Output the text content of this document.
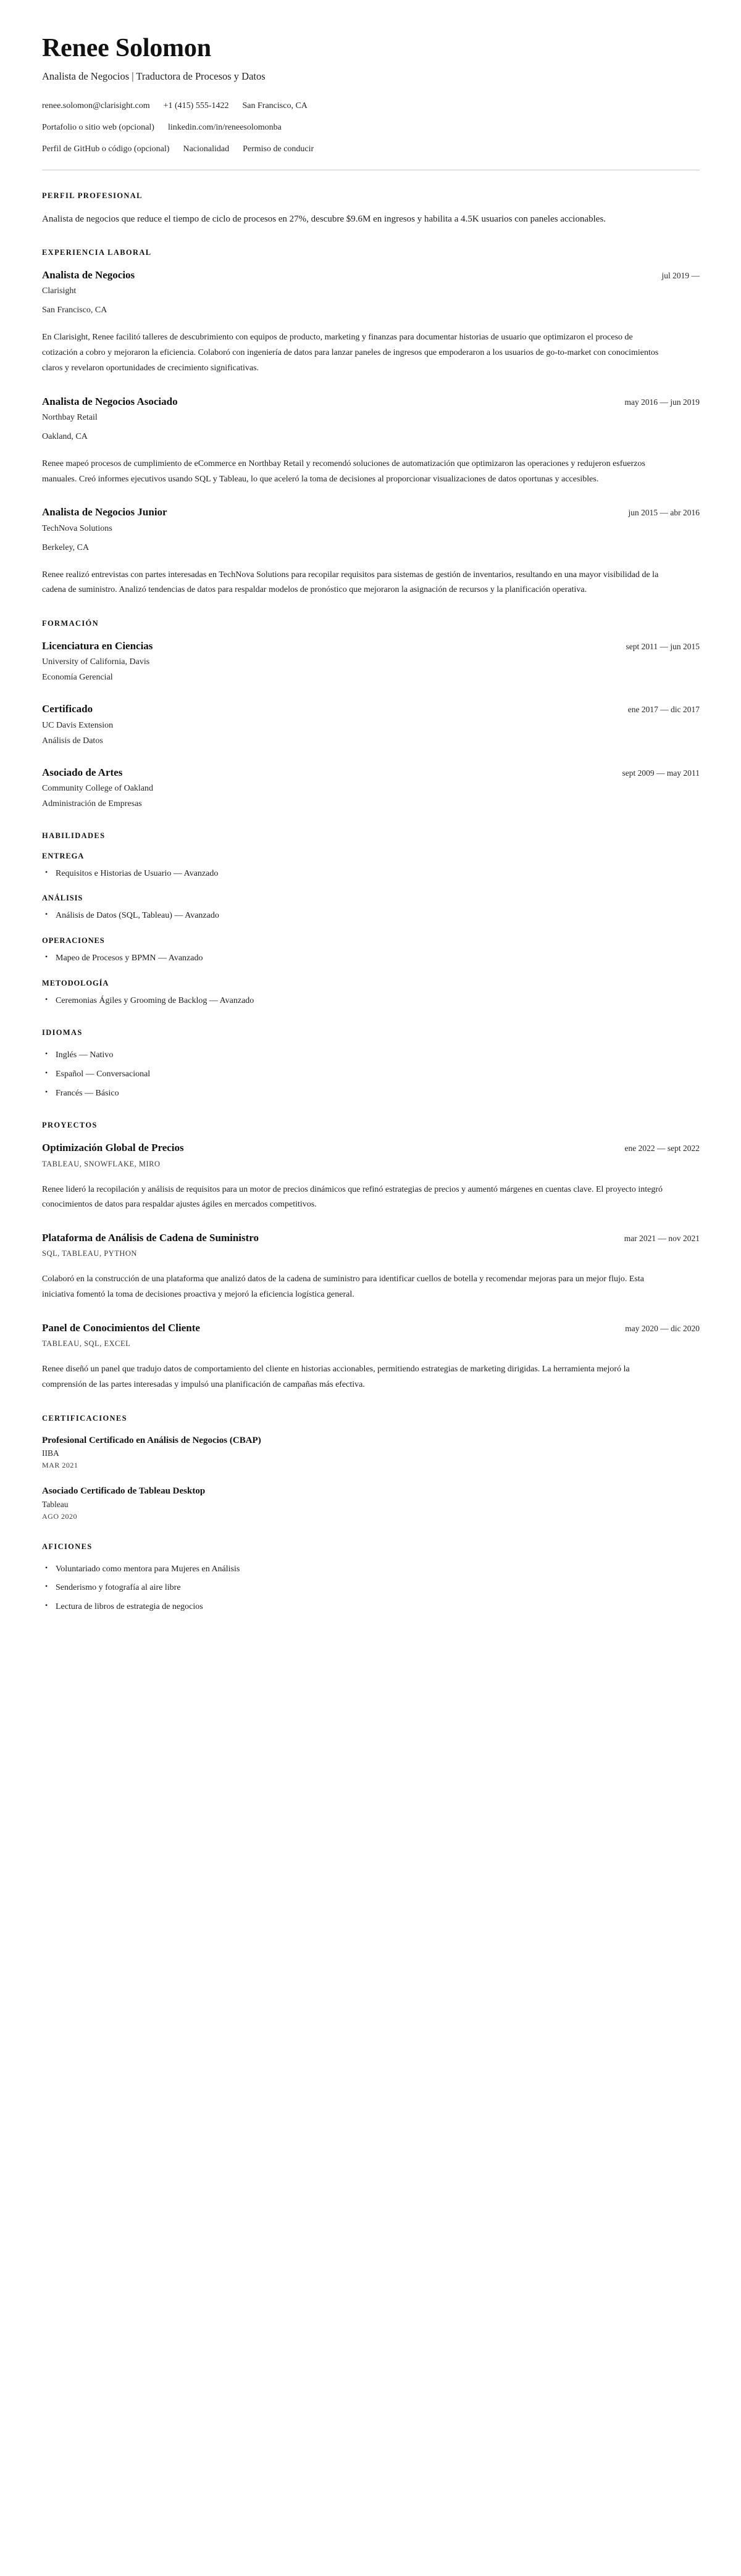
Renee Solomon
Analista de Negocios | Traductora de Procesos y Datos
renee.solomon@clarisight.com +1 (415) 555-1422 San Francisco, CA
Portafolio o sitio web (opcional) linkedin.com/in/reneesolomonba
Perfil de GitHub o código (opcional) Nacionalidad Permiso de conducir
PERFIL PROFESIONAL

Analista de negocios que reduce el tiempo de ciclo de procesos en 27%, descubre $9.6M en ingresos y habilita a 4.5K usuarios con paneles accionables.

EXPERIENCIA LABORAL
Analista de Negocios	jul 2019 —
Clarisight
San Francisco, CA

En Clarisight, Renee facilitó talleres de descubrimiento con equipos de producto, marketing y finanzas para documentar historias de usuario que optimizaron el proceso de cotización a cobro y mejoraron la eficiencia. Colaboró con ingeniería de datos para lanzar paneles de ingresos que empoderaron a los usuarios de go-to-market con conocimientos claros y revelaron oportunidades de crecimiento significativas.

Analista de Negocios Asociado	may 2016 — jun 2019
Northbay Retail
Oakland, CA

Renee mapeó procesos de cumplimiento de eCommerce en Northbay Retail y recomendó soluciones de automatización que optimizaron las operaciones y redujeron esfuerzos manuales. Creó informes ejecutivos usando SQL y Tableau, lo que aceleró la toma de decisiones al proporcionar visualizaciones de datos oportunas y accesibles.

Analista de Negocios Junior	jun 2015 — abr 2016
TechNova Solutions
Berkeley, CA

Renee realizó entrevistas con partes interesadas en TechNova Solutions para recopilar requisitos para sistemas de gestión de inventarios, resultando en una mayor visibilidad de la cadena de suministro. Analizó tendencias de datos para respaldar modelos de pronóstico que mejoraron la asignación de recursos y la planificación operativa.

FORMACIÓN
Licenciatura en Ciencias	sept 2011 — jun 2015
University of California, Davis
Economía Gerencial
Certificado	ene 2017 — dic 2017
UC Davis Extension
Análisis de Datos
Asociado de Artes	sept 2009 — may 2011
Community College of Oakland
Administración de Empresas
HABILIDADES
ENTREGA
• Requisitos e Historias de Usuario — Avanzado
ANÁLISIS
• Análisis de Datos (SQL, Tableau) — Avanzado
OPERACIONES
• Mapeo de Procesos y BPMN — Avanzado
METODOLOGÍA
• Ceremonias Ágiles y Grooming de Backlog — Avanzado
IDIOMAS
• Inglés — Nativo
• Español — Conversacional
• Francés — Básico
PROYECTOS
Optimización Global de Precios	ene 2022 — sept 2022
TABLEAU, SNOWFLAKE, MIRO

Renee lideró la recopilación y análisis de requisitos para un motor de precios dinámicos que refinó estrategias de precios y aumentó márgenes en cuentas clave. El proyecto integró conocimientos de datos para respaldar ajustes ágiles en mercados competitivos.

Plataforma de Análisis de Cadena de Suministro	mar 2021 — nov 2021
SQL, TABLEAU, PYTHON

Colaboró en la construcción de una plataforma que analizó datos de la cadena de suministro para identificar cuellos de botella y recomendar mejoras para un mejor flujo. Esta iniciativa fomentó la toma de decisiones proactiva y mejoró la eficiencia logística general.

Panel de Conocimientos del Cliente	may 2020 — dic 2020
TABLEAU, SQL, EXCEL

Renee diseñó un panel que tradujo datos de comportamiento del cliente en historias accionables, permitiendo estrategias de marketing dirigidas. La herramienta mejoró la comprensión de las partes interesadas y impulsó una planificación de campañas más efectiva.

CERTIFICACIONES
Profesional Certificado en Análisis de Negocios (CBAP)
IIBA
MAR 2021
Asociado Certificado de Tableau Desktop
Tableau
AGO 2020
AFICIONES
• Voluntariado como mentora para Mujeres en Análisis
• Senderismo y fotografía al aire libre
• Lectura de libros de estrategia de negocios
